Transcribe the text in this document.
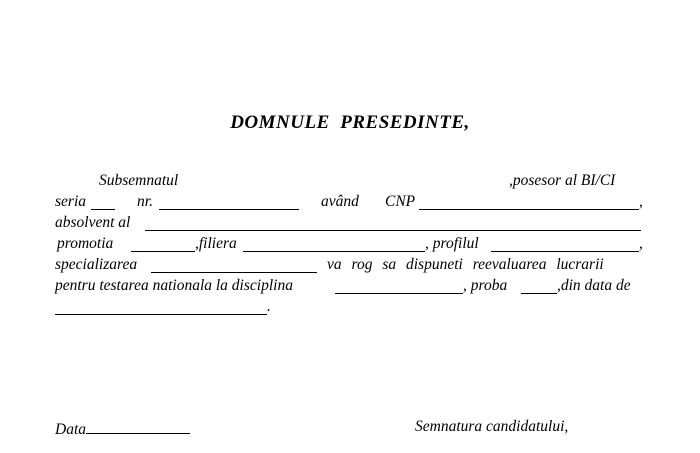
DOMNULE  PRESEDINTE,
Subsemnatul	,posesor al BI/CI
seria	nr.	având CNP	,
absolvent al
promotia	,filiera	, profilul	,
specializarea	va rog sa dispuneti reevaluarea lucrarii
pentru testarea nationala la disciplina	, proba	,din data de
.
Data	Semnatura candidatului,
